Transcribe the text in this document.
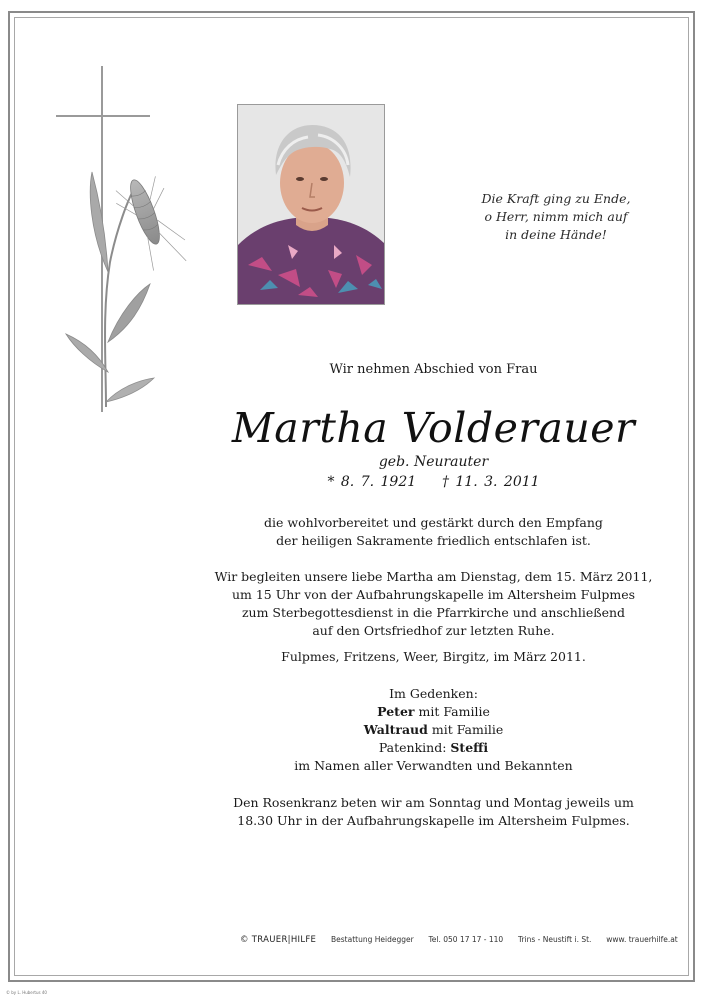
Die Kraft ging zu Ende,
o Herr, nimm mich auf
in deine Hände!
Wir nehmen Abschied von Frau
Martha Volderauer
geb. Neurauter
* 8. 7. 1921 † 11. 3. 2011
die wohlvorbereitet und gestärkt durch den Empfang
der heiligen Sakramente friedlich entschlafen ist.
Wir begleiten unsere liebe Martha am Dienstag, dem 15. März 2011,
um 15 Uhr von der Aufbahrungskapelle im Altersheim Fulpmes
zum Sterbegottesdienst in die Pfarrkirche und anschließend
auf den Ortsfriedhof zur letzten Ruhe.
Fulpmes, Fritzens, Weer, Birgitz, im März 2011.
Im Gedenken:
Peter mit Familie
Waltraud mit Familie
Patenkind: Steffi
im Namen aller Verwandten und Bekannten
Den Rosenkranz beten wir am Sonntag und Montag jeweils um
18.30 Uhr in der Aufbahrungskapelle im Altersheim Fulpmes.
© TRAUER|HILFE Bestattung Heidegger Tel. 050 17 17 - 110 Trins - Neustift i. St. www. trauerhilfe.at
© by L. Hubertus 40
